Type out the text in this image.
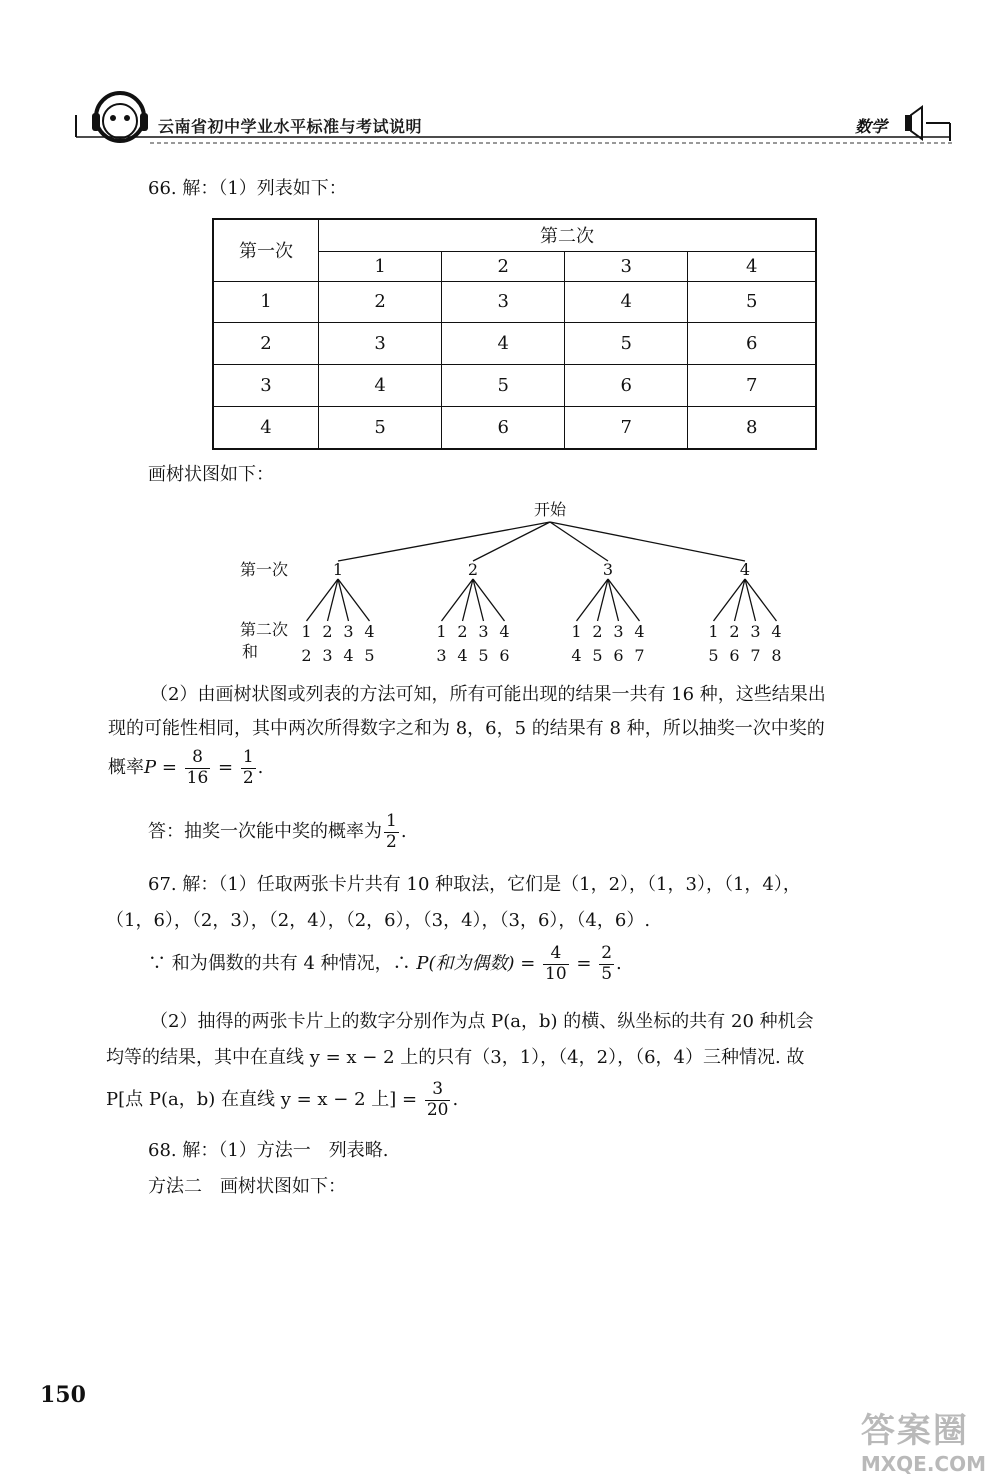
云南省初中学业水平标准与考试说明	数学
66. 解：（1）列表如下：
第一次	第二次			
	1	2	3	4
1	2	3	4	5
2	3	4	5	6
3	4	5	6	7
4	5	6	7	8
画树状图如下：
开始
第一次
第二次
和
1
1
2
2
3
3
4
4
5
2
1
3
2
4
3
5
4
6
3
1
4
2
5
3
6
4
7
4
1
5
2
6
3
7
4
8
（2）由画树状图或列表的方法可知，所有可能出现的结果一共有 16 种，这些结果出
现的可能性相同，其中两次所得数字之和为 8，6，5 的结果有 8 种，所以抽奖一次中奖的
概率$P = \frac{8}{16} = \frac{1}{2}$ .
答：抽奖一次能中奖的概率为 $\frac{1}{2}$ .
67. 解：（1）任取两张卡片共有 10 种取法，它们是（1，2），（1，3），（1，4），
（1，6），（2，3），（2，4），（2，6），（3，4），（3，6），（4，6）.
∵ 和为偶数的共有 4 种情况，∴ P(和为偶数) = $\frac{4}{10} = \frac{2}{5}$ .
（2）抽得的两张卡片上的数字分别作为点 P(a，b) 的横、纵坐标的共有 20 种机会
均等的结果，其中在直线 y = x − 2 上的只有（3，1），（4，2），（6，4）三种情况. 故
P[点 P(a，b) 在直线 y = x − 2 上] = $\frac{3}{20}$ .
68. 解：（1）方法一　列表略.
方法二　画树状图如下：
150
答案圈
MXQE.COM
